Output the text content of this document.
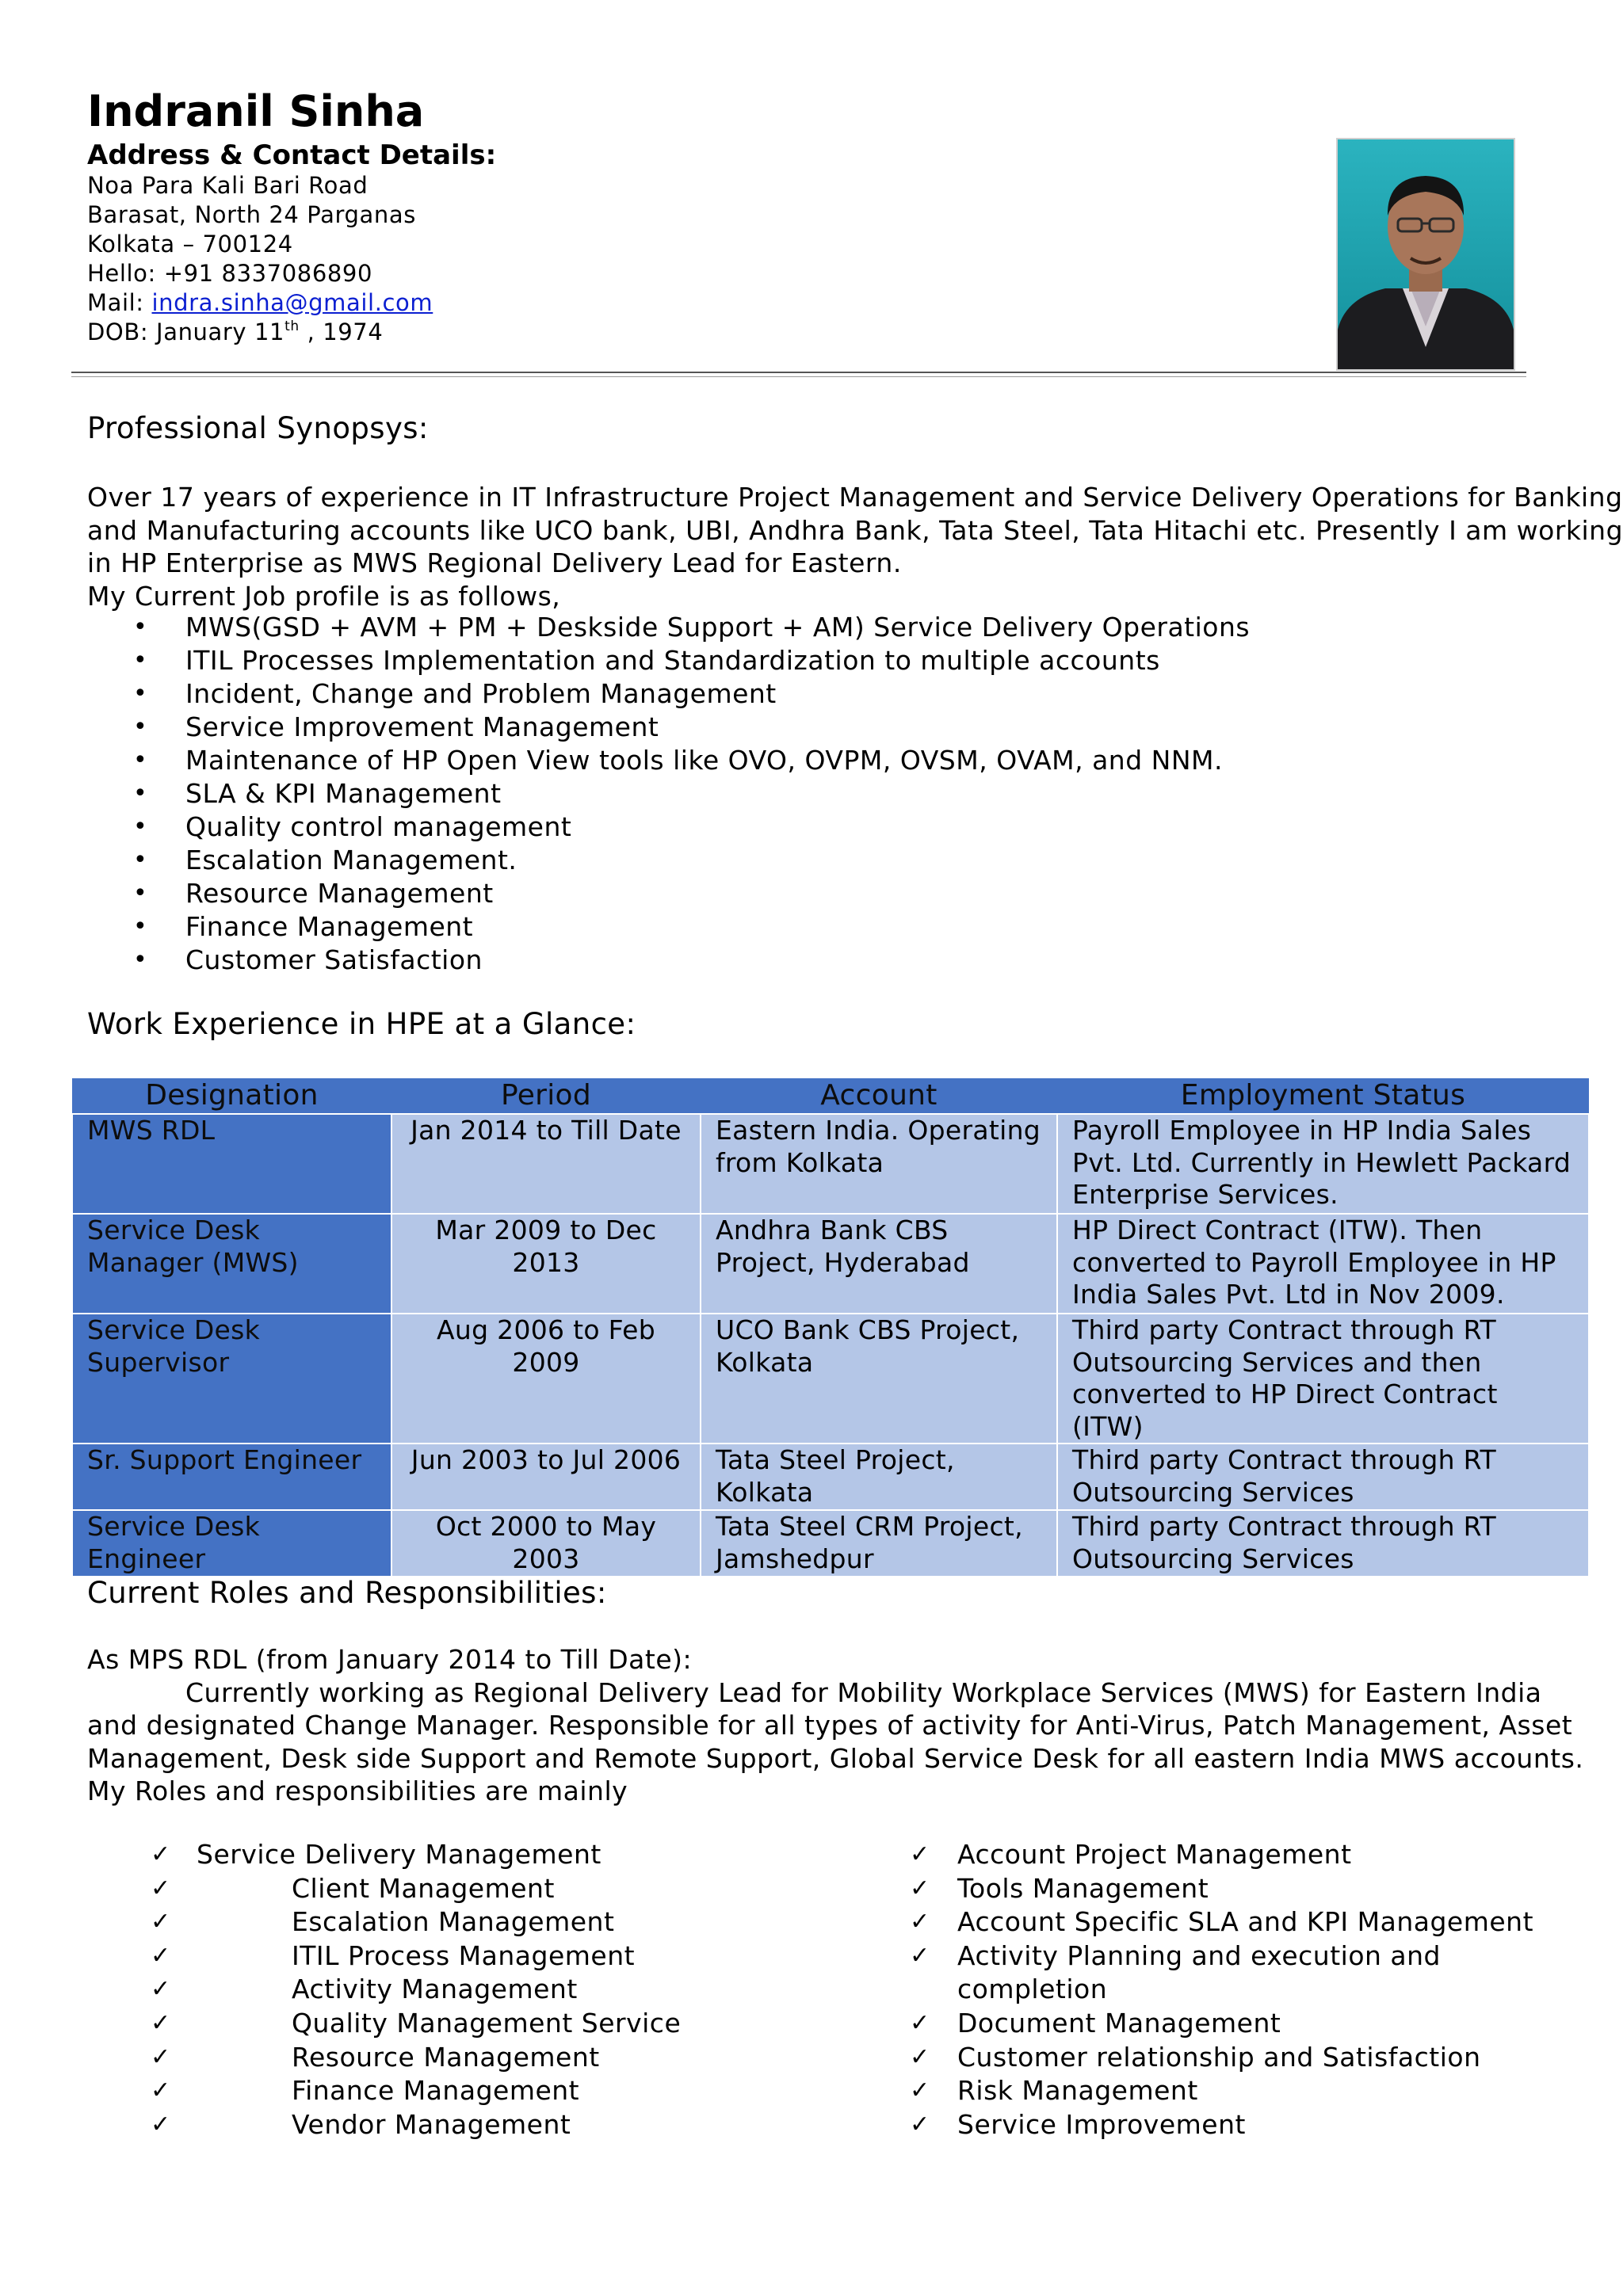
Indranil Sinha
Address & Contact Details:
Noa Para Kali Bari Road
Barasat, North 24 Parganas
Kolkata – 700124
Hello: +91 8337086890
Mail: indra.sinha@gmail.com
DOB: January 11th , 1974
Professional Synopsys:
Over 17 years of experience in IT Infrastructure Project Management and Service Delivery Operations for Banking
and Manufacturing accounts like UCO bank, UBI, Andhra Bank, Tata Steel, Tata Hitachi etc. Presently I am working
in HP Enterprise as MWS Regional Delivery Lead for Eastern.
My Current Job profile is as follows,
• MWS(GSD + AVM + PM + Deskside Support + AM) Service Delivery Operations
• ITIL Processes Implementation and Standardization to multiple accounts
• Incident, Change and Problem Management
• Service Improvement Management
• Maintenance of HP Open View tools like OVO, OVPM, OVSM, OVAM, and NNM.
• SLA & KPI Management
• Quality control management
• Escalation Management.
• Resource Management
• Finance Management
• Customer Satisfaction
Work Experience in HPE at a Glance:
Designation	Period	Account	Employment Status
MWS RDL	Jan 2014 to Till Date	Eastern India. Operating from Kolkata	Payroll Employee in HP India Sales Pvt. Ltd. Currently in Hewlett Packard Enterprise Services.
Service Desk Manager (MWS)	Mar 2009 to Dec 2013	Andhra Bank CBS Project, Hyderabad	HP Direct Contract (ITW). Then converted to Payroll Employee in HP India Sales Pvt. Ltd in Nov 2009.
Service Desk Supervisor	Aug 2006 to Feb 2009	UCO Bank CBS Project, Kolkata	Third party Contract through RT Outsourcing Services and then converted to HP Direct Contract (ITW)
Sr. Support Engineer	Jun 2003 to Jul 2006	Tata Steel Project, Kolkata	Third party Contract through RT Outsourcing Services
Service Desk Engineer	Oct 2000 to May 2003	Tata Steel CRM Project, Jamshedpur	Third party Contract through RT Outsourcing Services
Current Roles and Responsibilities:
As MPS RDL (from January 2014 to Till Date):
Currently working as Regional Delivery Lead for Mobility Workplace Services (MWS) for Eastern India
and designated Change Manager. Responsible for all types of activity for Anti-Virus, Patch Management, Asset
Management, Desk side Support and Remote Support, Global Service Desk for all eastern India MWS accounts.
My Roles and responsibilities are mainly
✓ Service Delivery Management
✓	Client Management
✓	Escalation Management
✓	ITIL Process Management
✓	Activity Management
✓	Quality Management Service
✓	Resource Management
✓	Finance Management
✓	Vendor Management
✓ Account Project Management
✓ Tools Management
✓ Account Specific SLA and KPI Management
✓ Activity Planning and execution and
completion
✓ Document Management
✓ Customer relationship and Satisfaction
✓ Risk Management
✓ Service Improvement
